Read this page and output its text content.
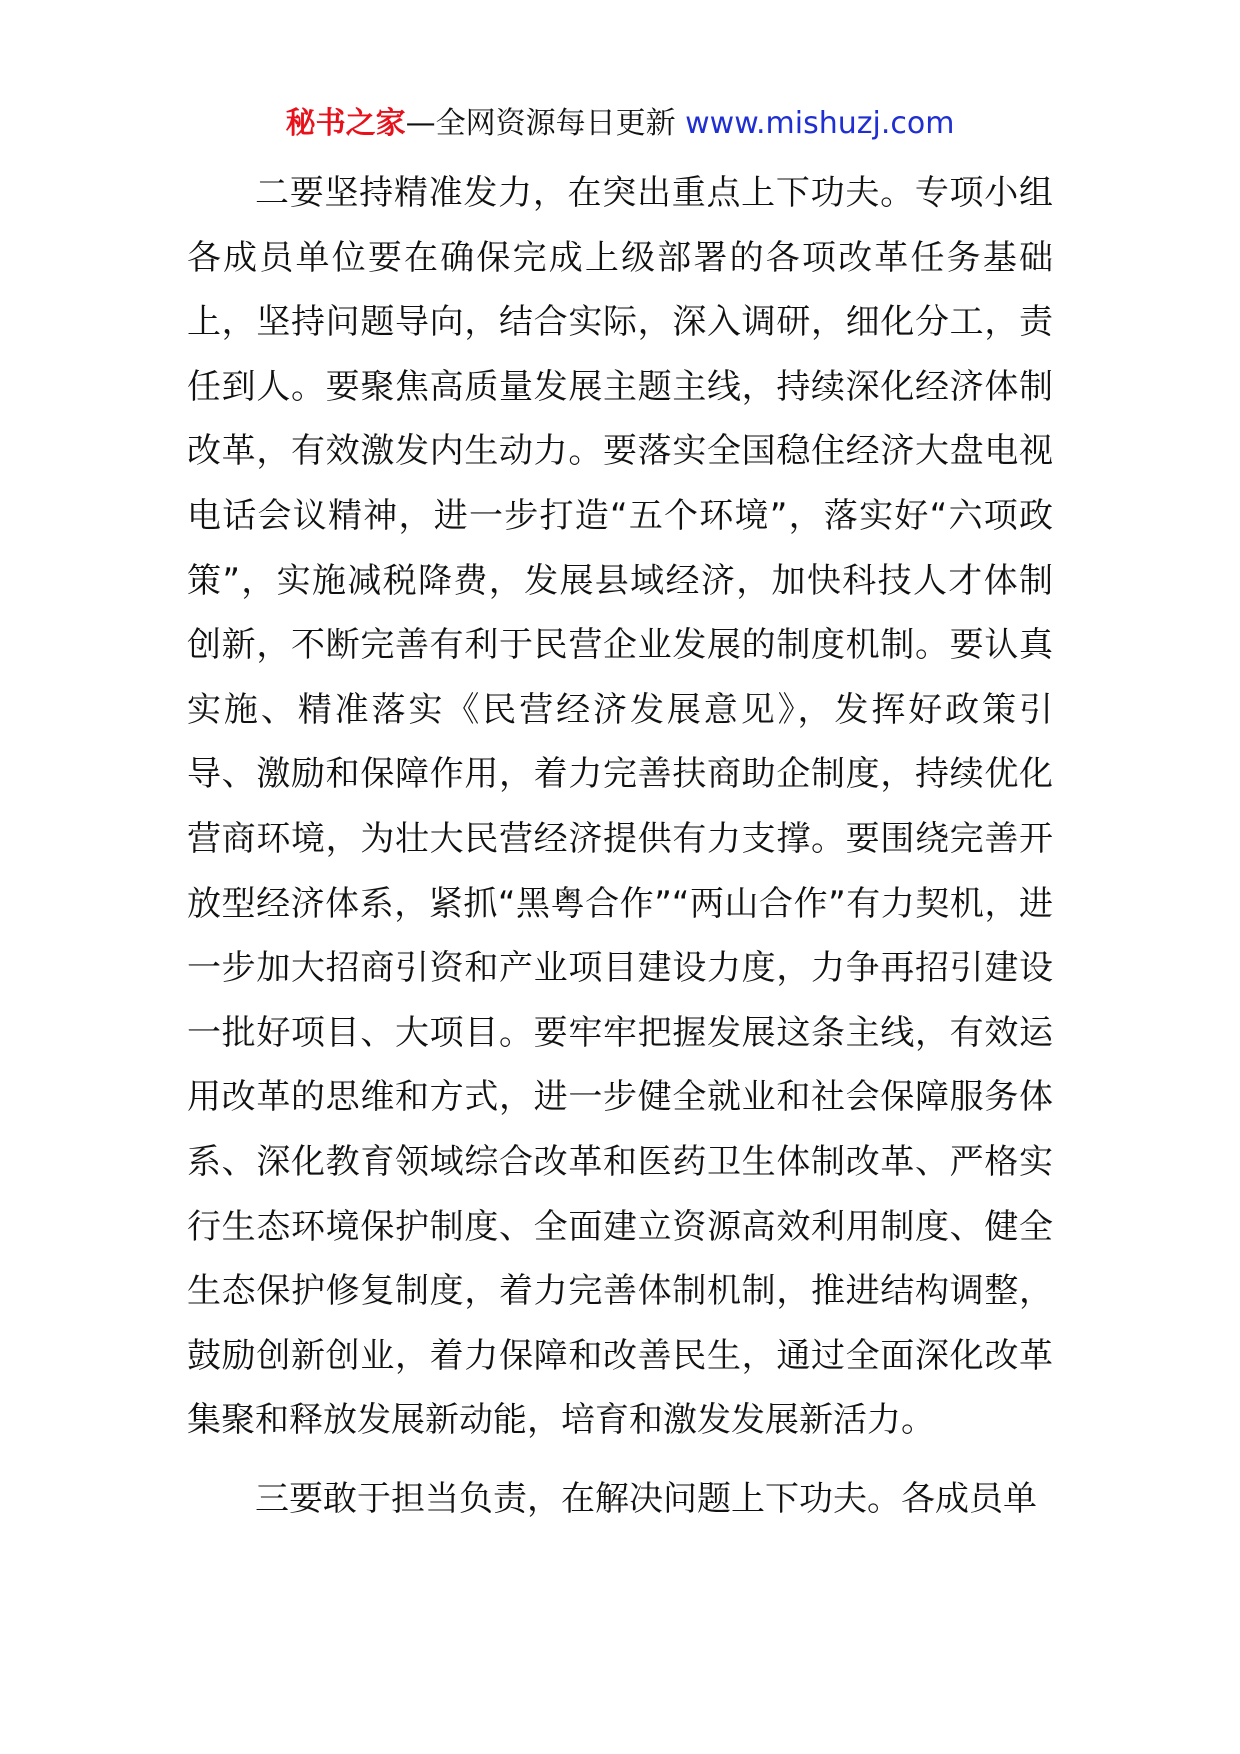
秘书之家—全网资源每日更新 www.mishuzj.com

二要坚持精准发力，在突出重点上下功夫。专项小组各成员单位要在确保完成上级部署的各项改革任务基础上，坚持问题导向，结合实际，深入调研，细化分工，责任到人。要聚焦高质量发展主题主线，持续深化经济体制改革，有效激发内生动力。要落实全国稳住经济大盘电视电话会议精神，进一步打造“五个环境”，落实好“六项政策”，实施减税降费，发展县域经济，加快科技人才体制创新，不断完善有利于民营企业发展的制度机制。要认真实施、精准落实《民营经济发展意见》，发挥好政策引导、激励和保障作用，着力完善扶商助企制度，持续优化营商环境，为壮大民营经济提供有力支撑。要围绕完善开放型经济体系，紧抓“黑粤合作”“两山合作”有力契机，进一步加大招商引资和产业项目建设力度，力争再招引建设一批好项目、大项目。要牢牢把握发展这条主线，有效运用改革的思维和方式，进一步健全就业和社会保障服务体系、深化教育领域综合改革和医药卫生体制改革、严格实行生态环境保护制度、全面建立资源高效利用制度、健全生态保护修复制度，着力完善体制机制，推进结构调整，鼓励创新创业，着力保障和改善民生，通过全面深化改革集聚和释放发展新动能，培育和激发发展新活力。

三要敢于担当负责，在解决问题上下功夫。各成员单
